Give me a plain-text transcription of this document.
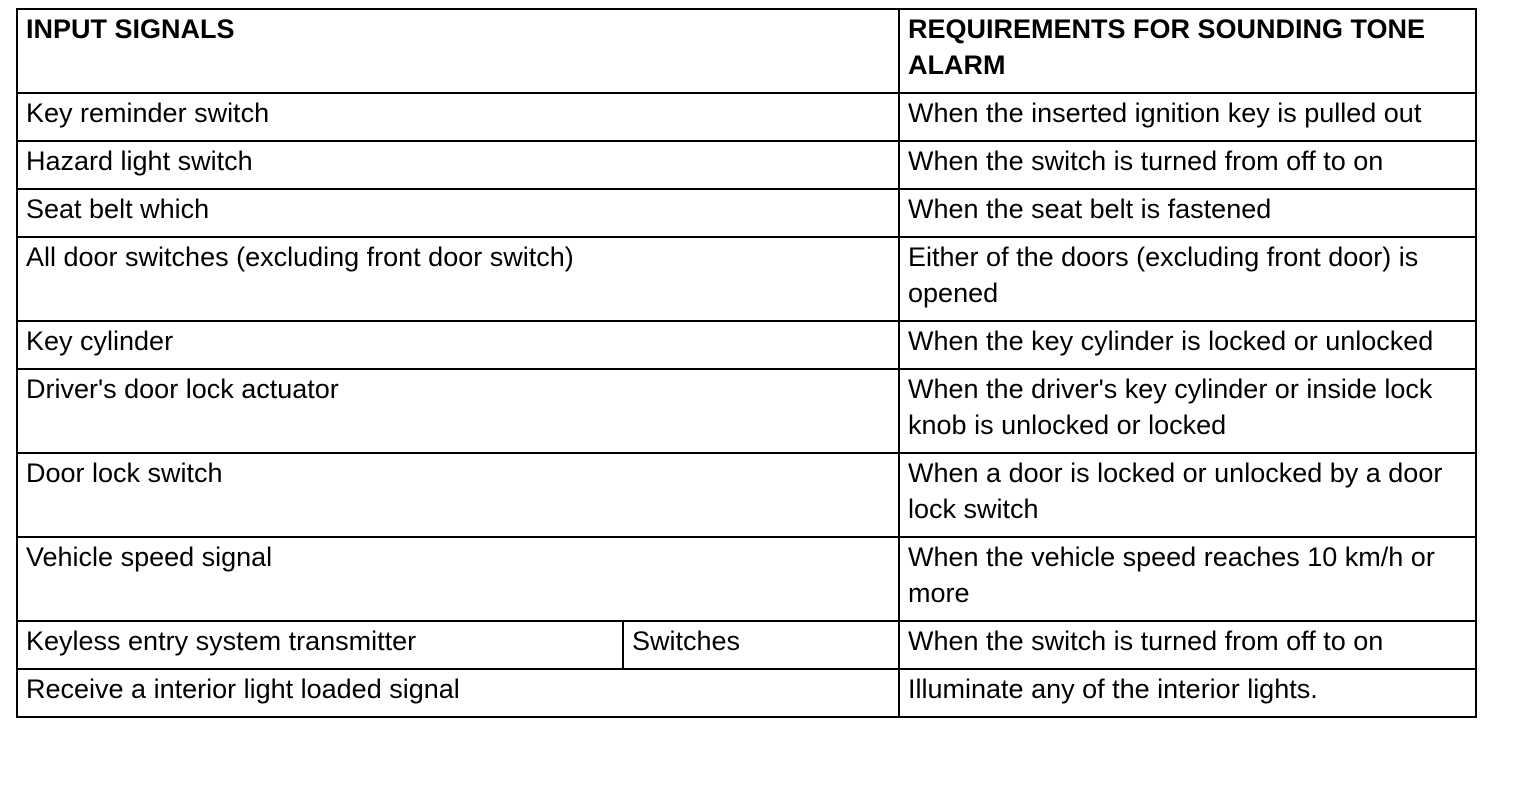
INPUT SIGNALS		REQUIREMENTS FOR SOUNDING TONE ALARM
Key reminder switch		When the inserted ignition key is pulled out
Hazard light switch		When the switch is turned from off to on
Seat belt which		When the seat belt is fastened
All door switches (excluding front door switch)		Either of the doors (excluding front door) is opened
Key cylinder		When the key cylinder is locked or unlocked
Driver's door lock actuator		When the driver's key cylinder or inside lock knob is unlocked or locked
Door lock switch		When a door is locked or unlocked by a door lock switch
Vehicle speed signal		When the vehicle speed reaches 10 km/h or more
Keyless entry system transmitter	Switches	When the switch is turned from off to on
Receive a interior light loaded signal		Illuminate any of the interior lights.
